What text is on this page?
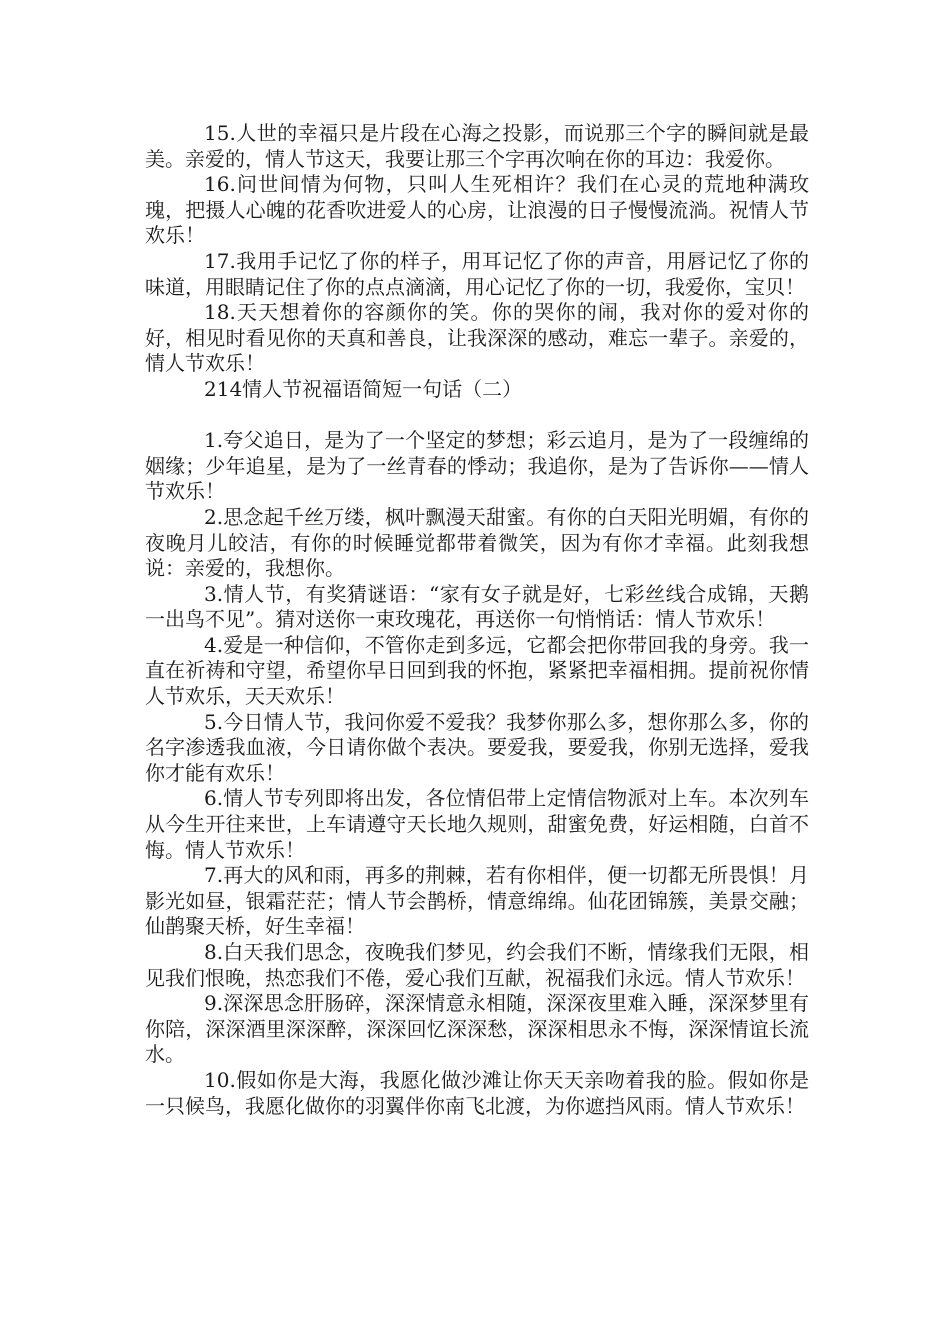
15.人世的幸福只是片段在心海之投影，而说那三个字的瞬间就是最美。亲爱的，情人节这天，我要让那三个字再次响在你的耳边：我爱你。

16.问世间情为何物，只叫人生死相许？我们在心灵的荒地种满玫瑰，把摄人心魄的花香吹进爱人的心房，让浪漫的日子慢慢流淌。祝情人节欢乐！

17.我用手记忆了你的样子，用耳记忆了你的声音，用唇记忆了你的味道，用眼睛记住了你的点点滴滴，用心记忆了你的一切，我爱你，宝贝！

18.天天想着你的容颜你的笑。你的哭你的闹，我对你的爱对你的好，相见时看见你的天真和善良，让我深深的感动，难忘一辈子。亲爱的，情人节欢乐！

214情人节祝福语简短一句话（二）

1.夸父追日，是为了一个坚定的梦想；彩云追月，是为了一段缠绵的姻缘；少年追星，是为了一丝青春的悸动；我追你，是为了告诉你——情人节欢乐！

2.思念起千丝万缕，枫叶飘漫天甜蜜。有你的白天阳光明媚，有你的夜晚月儿皎洁，有你的时候睡觉都带着微笑，因为有你才幸福。此刻我想说：亲爱的，我想你。

3.情人节，有奖猜谜语：“家有女子就是好，七彩丝线合成锦，天鹅一出鸟不见”。猜对送你一束玫瑰花，再送你一句悄悄话：情人节欢乐！

4.爱是一种信仰，不管你走到多远，它都会把你带回我的身旁。我一直在祈祷和守望，希望你早日回到我的怀抱，紧紧把幸福相拥。提前祝你情人节欢乐，天天欢乐！

5.今日情人节，我问你爱不爱我？我梦你那么多，想你那么多，你的名字渗透我血液，今日请你做个表决。要爱我，要爱我，你别无选择，爱我你才能有欢乐！

6.情人节专列即将出发，各位情侣带上定情信物派对上车。本次列车从今生开往来世，上车请遵守天长地久规则，甜蜜免费，好运相随，白首不悔。情人节欢乐！

7.再大的风和雨，再多的荆棘，若有你相伴，便一切都无所畏惧！月影光如昼，银霜茫茫；情人节会鹊桥，情意绵绵。仙花团锦簇，美景交融；仙鹊聚天桥，好生幸福！

8.白天我们思念，夜晚我们梦见，约会我们不断，情缘我们无限，相见我们恨晚，热恋我们不倦，爱心我们互献，祝福我们永远。情人节欢乐！

9.深深思念肝肠碎，深深情意永相随，深深夜里难入睡，深深梦里有你陪，深深酒里深深醉，深深回忆深深愁，深深相思永不悔，深深情谊长流水。

10.假如你是大海，我愿化做沙滩让你天天亲吻着我的脸。假如你是一只候鸟，我愿化做你的羽翼伴你南飞北渡，为你遮挡风雨。情人节欢乐！
